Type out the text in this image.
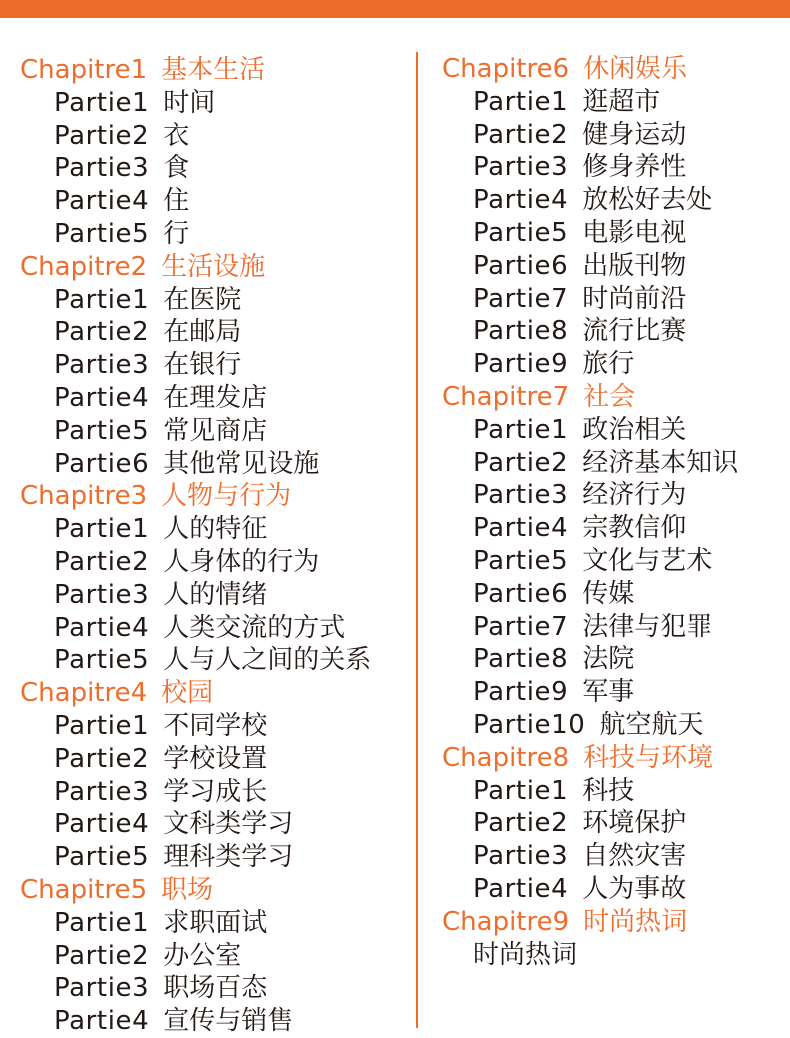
Chapitre1 基本生活
Partie1 时间
Partie2 衣
Partie3 食
Partie4 住
Partie5 行
Chapitre2 生活设施
Partie1 在医院
Partie2 在邮局
Partie3 在银行
Partie4 在理发店
Partie5 常见商店
Partie6 其他常见设施
Chapitre3 人物与行为
Partie1 人的特征
Partie2 人身体的行为
Partie3 人的情绪
Partie4 人类交流的方式
Partie5 人与人之间的关系
Chapitre4 校园
Partie1 不同学校
Partie2 学校设置
Partie3 学习成长
Partie4 文科类学习
Partie5 理科类学习
Chapitre5 职场
Partie1 求职面试
Partie2 办公室
Partie3 职场百态
Partie4 宣传与销售
Chapitre6 休闲娱乐
Partie1 逛超市
Partie2 健身运动
Partie3 修身养性
Partie4 放松好去处
Partie5 电影电视
Partie6 出版刊物
Partie7 时尚前沿
Partie8 流行比赛
Partie9 旅行
Chapitre7 社会
Partie1 政治相关
Partie2 经济基本知识
Partie3 经济行为
Partie4 宗教信仰
Partie5 文化与艺术
Partie6 传媒
Partie7 法律与犯罪
Partie8 法院
Partie9 军事
Partie10 航空航天
Chapitre8 科技与环境
Partie1 科技
Partie2 环境保护
Partie3 自然灾害
Partie4 人为事故
Chapitre9 时尚热词
时尚热词
